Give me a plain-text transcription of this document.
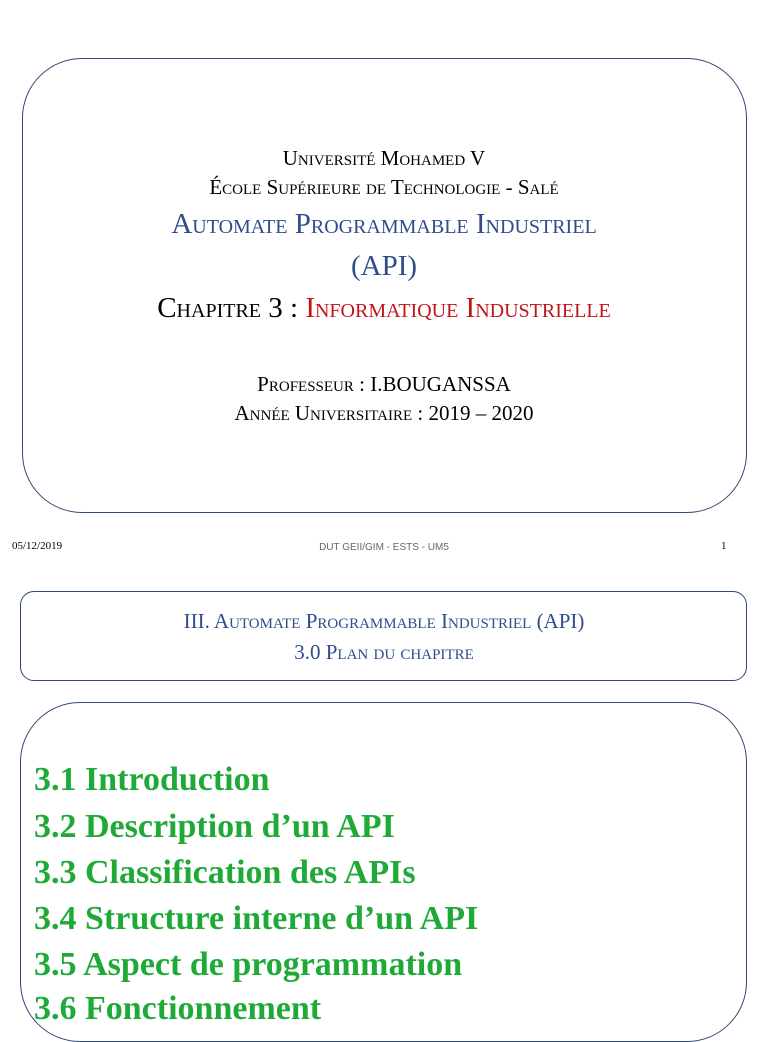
Université Mohamed V
École Supérieure de Technologie - Salé
Automate Programmable Industriel
(API)
Chapitre 3 : Informatique Industrielle
Professeur : I.BOUGANSSA
Année Universitaire : 2019 – 2020
05/12/2019	DUT GEII/GIM - ESTS - UM5	1
III. Automate Programmable Industriel (API)
3.0 Plan du chapitre
3.1 Introduction
3.2 Description d’un API
3.3 Classification des APIs
3.4 Structure interne d’un API
3.5 Aspect de programmation
3.6 Fonctionnement
